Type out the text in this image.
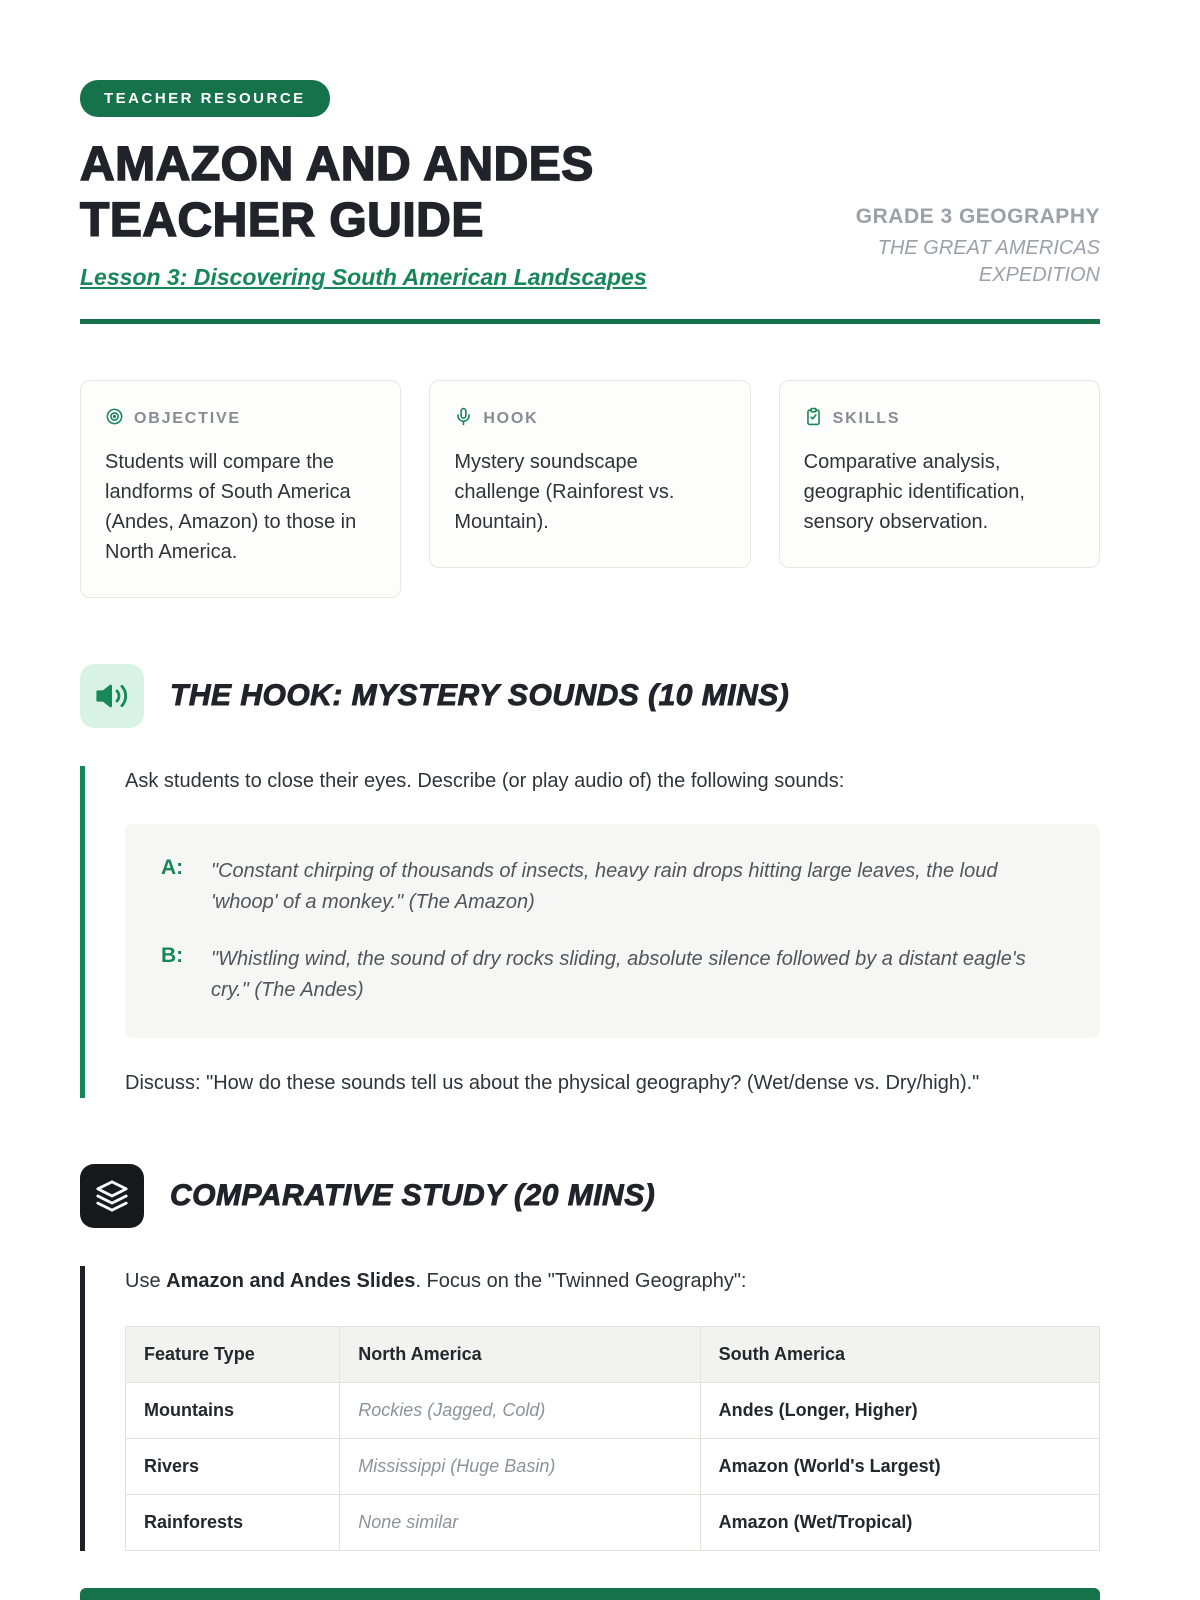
TEACHER RESOURCE
AMAZON AND ANDES
TEACHER GUIDE
Lesson 3: Discovering South American Landscapes
GRADE 3 GEOGRAPHY
THE GREAT AMERICAS
EXPEDITION
OBJECTIVE
Students will compare the landforms of South America (Andes, Amazon) to those in North America.
HOOK
Mystery soundscape challenge (Rainforest vs. Mountain).
SKILLS
Comparative analysis, geographic identification, sensory observation.
THE HOOK: MYSTERY SOUNDS (10 MINS)

Ask students to close their eyes. Describe (or play audio of) the following sounds:

A:	"Constant chirping of thousands of insects, heavy rain drops hitting large leaves, the loud 'whoop' of a monkey." (The Amazon)
B:	"Whistling wind, the sound of dry rocks sliding, absolute silence followed by a distant eagle's cry." (The Andes)

Discuss: "How do these sounds tell us about the physical geography? (Wet/dense vs. Dry/high)."

COMPARATIVE STUDY (20 MINS)

Use Amazon and Andes Slides. Focus on the "Twinned Geography":

Feature Type	North America	South America
Mountains	Rockies (Jagged, Cold)	Andes (Longer, Higher)
Rivers	Mississippi (Huge Basin)	Amazon (World's Largest)
Rainforests	None similar	Amazon (Wet/Tropical)
